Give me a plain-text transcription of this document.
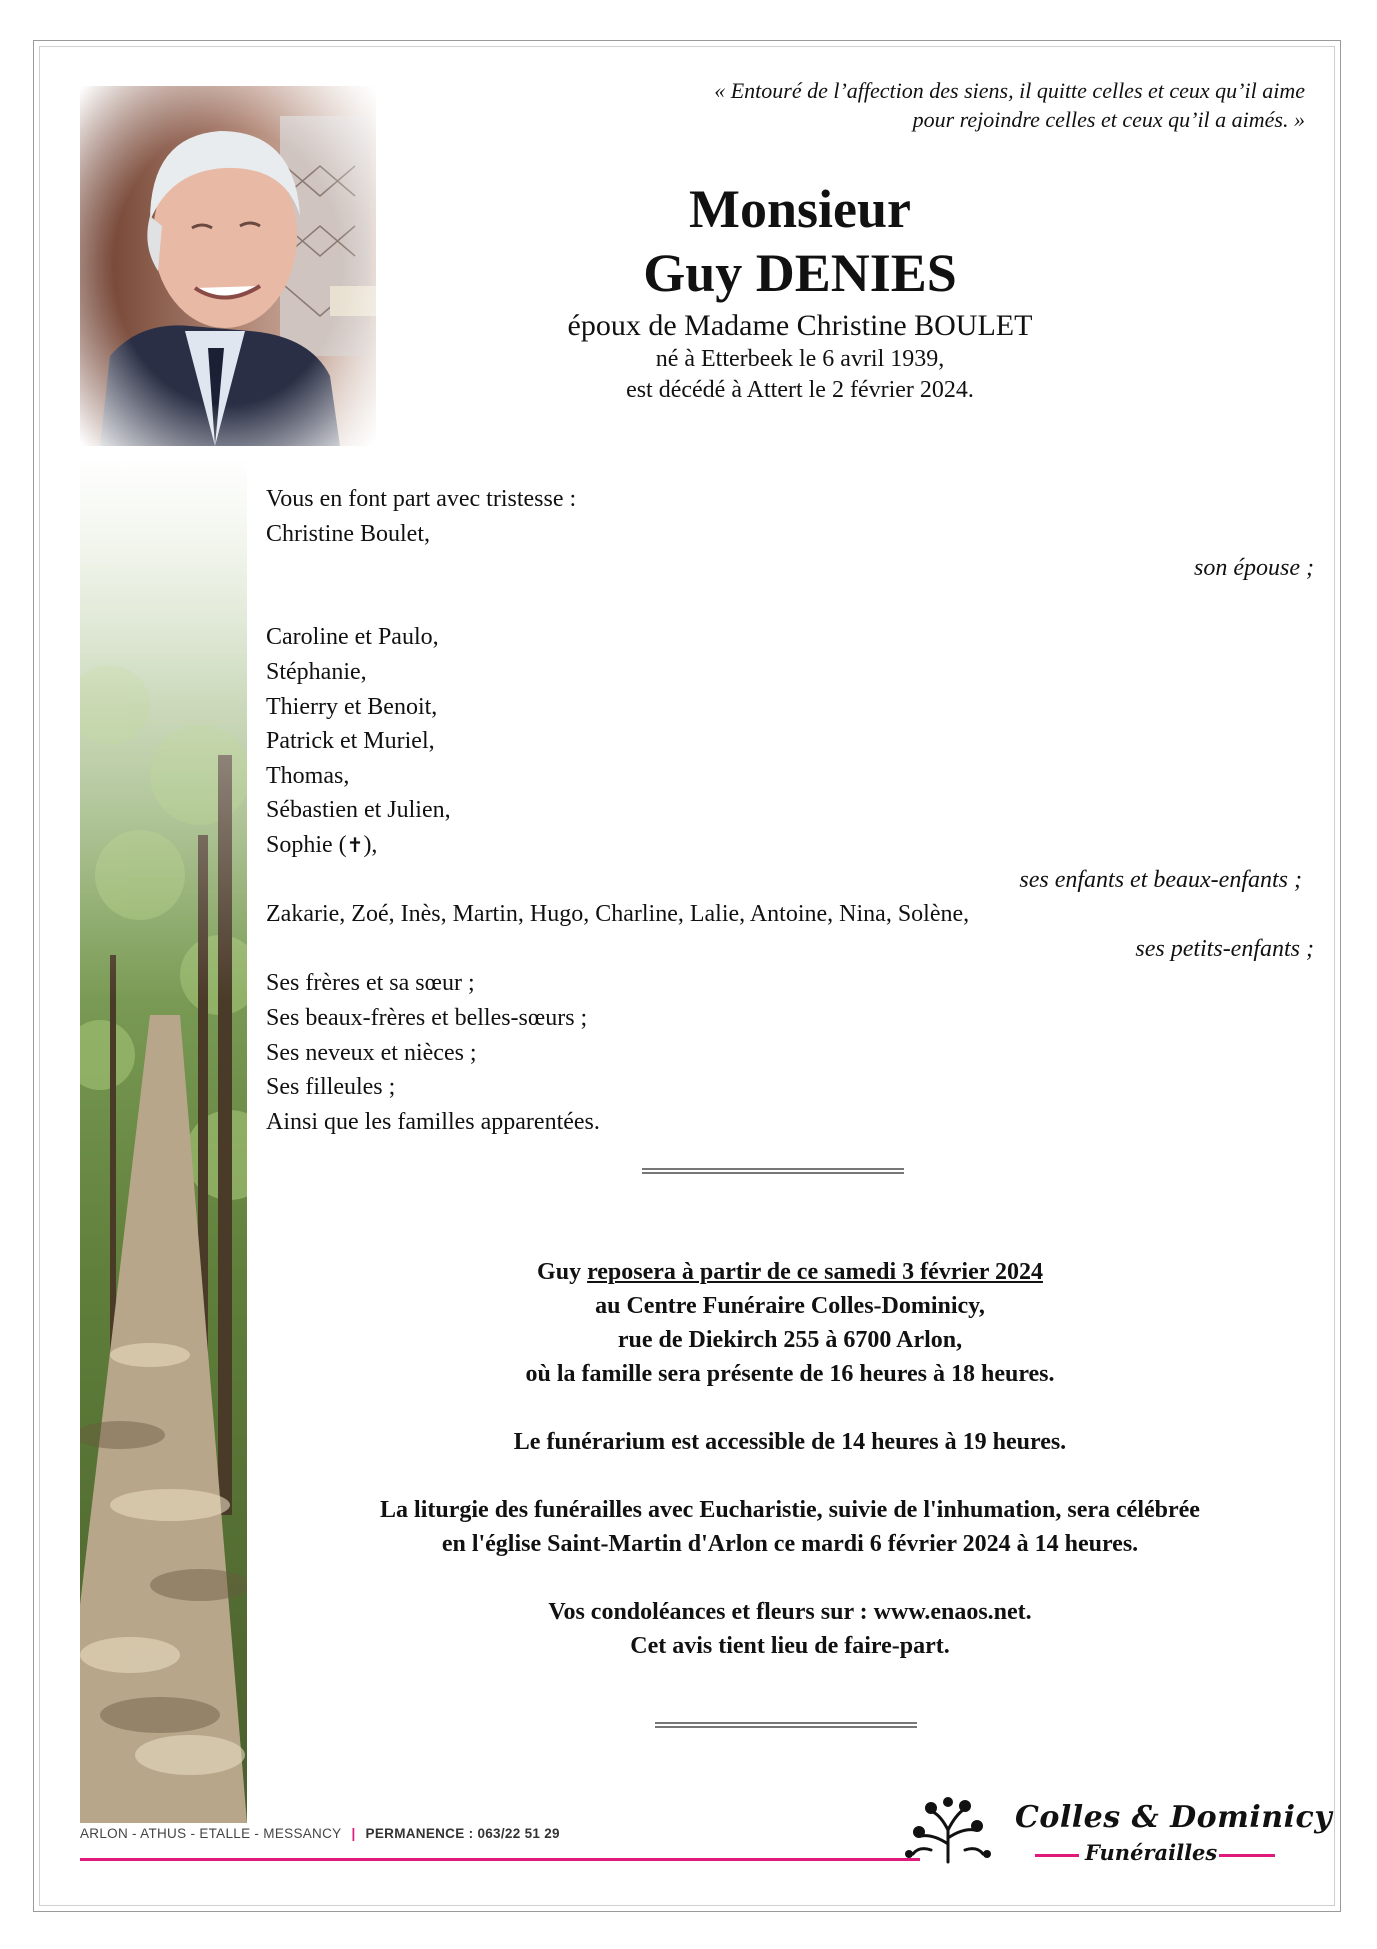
« Entouré de l’affection des siens, il quitte celles et ceux qu’il aime
pour rejoindre celles et ceux qu’il a aimés. »
Monsieur
Guy DENIES
époux de Madame Christine BOULET
né à Etterbeek le 6 avril 1939,
est décédé à Attert le 2 février 2024.
Vous en font part avec tristesse :
Christine Boulet,
son épouse ;
Caroline et Paulo,
Stéphanie,
Thierry et Benoit,
Patrick et Muriel,
Thomas,
Sébastien et Julien,
Sophie (✝),
ses enfants et beaux-enfants ;
Zakarie, Zoé, Inès, Martin, Hugo, Charline, Lalie, Antoine, Nina, Solène,
ses petits-enfants ;
Ses frères et sa sœur ;
Ses beaux-frères et belles-sœurs ;
Ses neveux et nièces ;
Ses filleules ;
Ainsi que les familles apparentées.
Guy reposera à partir de ce samedi 3 février 2024
au Centre Funéraire Colles-Dominicy,
rue de Diekirch 255 à 6700 Arlon,
où la famille sera présente de 16 heures à 18 heures.
Le funérarium est accessible de 14 heures à 19 heures.
La liturgie des funérailles avec Eucharistie, suivie de l'inhumation, sera célébrée
en l'église Saint-Martin d'Arlon ce mardi 6 février 2024 à 14 heures.
Vos condoléances et fleurs sur : www.enaos.net.
Cet avis tient lieu de faire-part.
ARLON - ATHUS - ETALLE - MESSANCY | PERMANENCE : 063/22 51 29	Colles & Dominicy
Funérailles
